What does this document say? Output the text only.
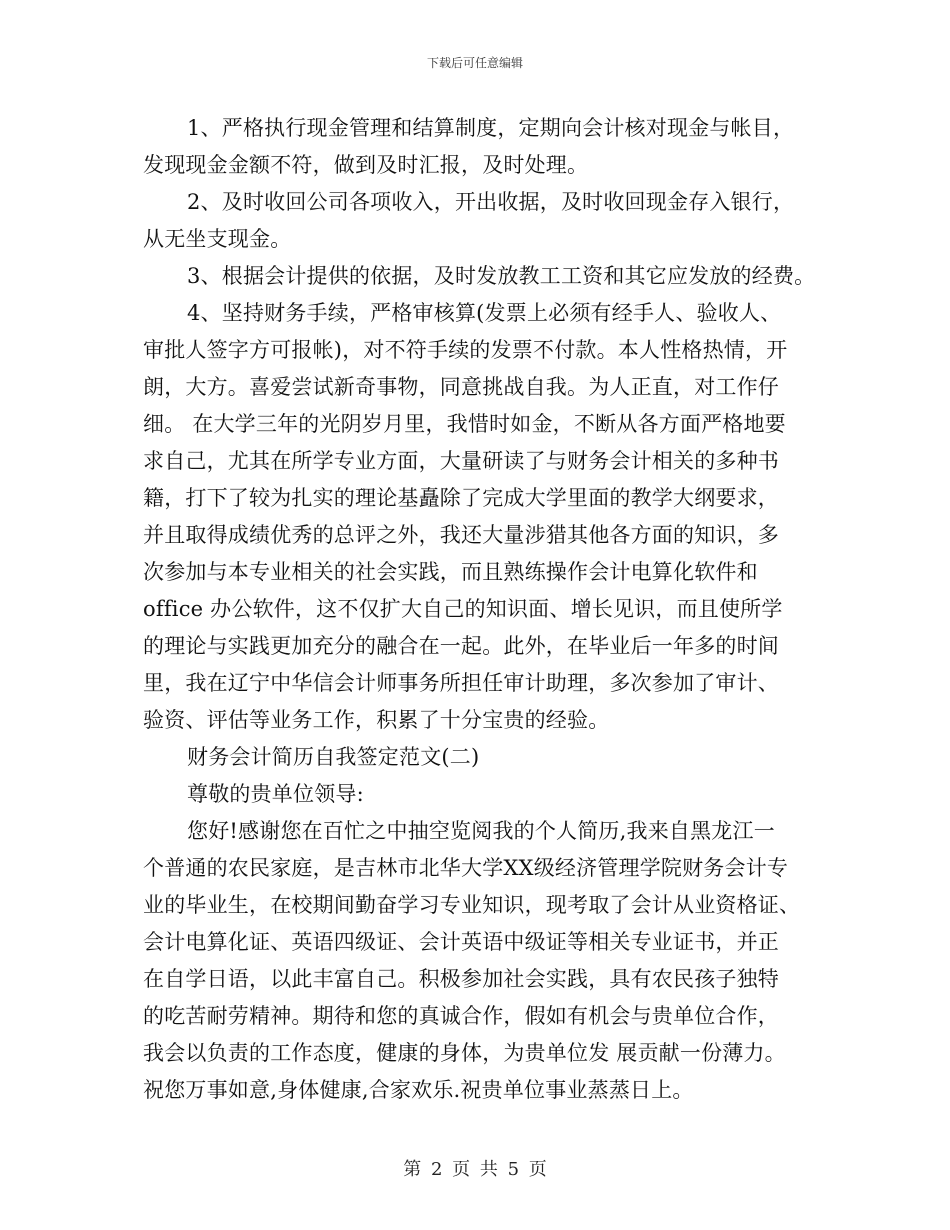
下载后可任意编辑
1、严格执行现金管理和结算制度，定期向会计核对现金与帐目，
发现现金金额不符，做到及时汇报，及时处理。
2、及时收回公司各项收入，开出收据，及时收回现金存入银行，
从无坐支现金。
3、根据会计提供的依据，及时发放教工工资和其它应发放的经费。
4、坚持财务手续，严格审核算(发票上必须有经手人、验收人、
审批人签字方可报帐)，对不符手续的发票不付款。本人性格热情，开
朗，大方。喜爱尝试新奇事物，同意挑战自我。为人正直，对工作仔
细。 在大学三年的光阴岁月里，我惜时如金，不断从各方面严格地要
求自己，尤其在所学专业方面，大量研读了与财务会计相关的多种书
籍，打下了较为扎实的理论基矗除了完成大学里面的教学大纲要求，
并且取得成绩优秀的总评之外，我还大量涉猎其他各方面的知识，多
次参加与本专业相关的社会实践，而且熟练操作会计电算化软件和
office 办公软件，这不仅扩大自己的知识面、增长见识，而且使所学
的理论与实践更加充分的融合在一起。此外，在毕业后一年多的时间
里，我在辽宁中华信会计师事务所担任审计助理，多次参加了审计、
验资、评估等业务工作，积累了十分宝贵的经验。
财务会计简历自我签定范文(二)
尊敬的贵单位领导:
您好!感谢您在百忙之中抽空览阅我的个人简历,我来自黑龙江一
个普通的农民家庭，是吉林市北华大学XX级经济管理学院财务会计专
业的毕业生，在校期间勤奋学习专业知识，现考取了会计从业资格证、
会计电算化证、英语四级证、会计英语中级证等相关专业证书，并正
在自学日语，以此丰富自己。积极参加社会实践，具有农民孩子独特
的吃苦耐劳精神。期待和您的真诚合作，假如有机会与贵单位合作，
我会以负责的工作态度，健康的身体，为贵单位发 展贡献一份薄力。
祝您万事如意,身体健康,合家欢乐.祝贵单位事业蒸蒸日上。
第 2 页 共 5 页
